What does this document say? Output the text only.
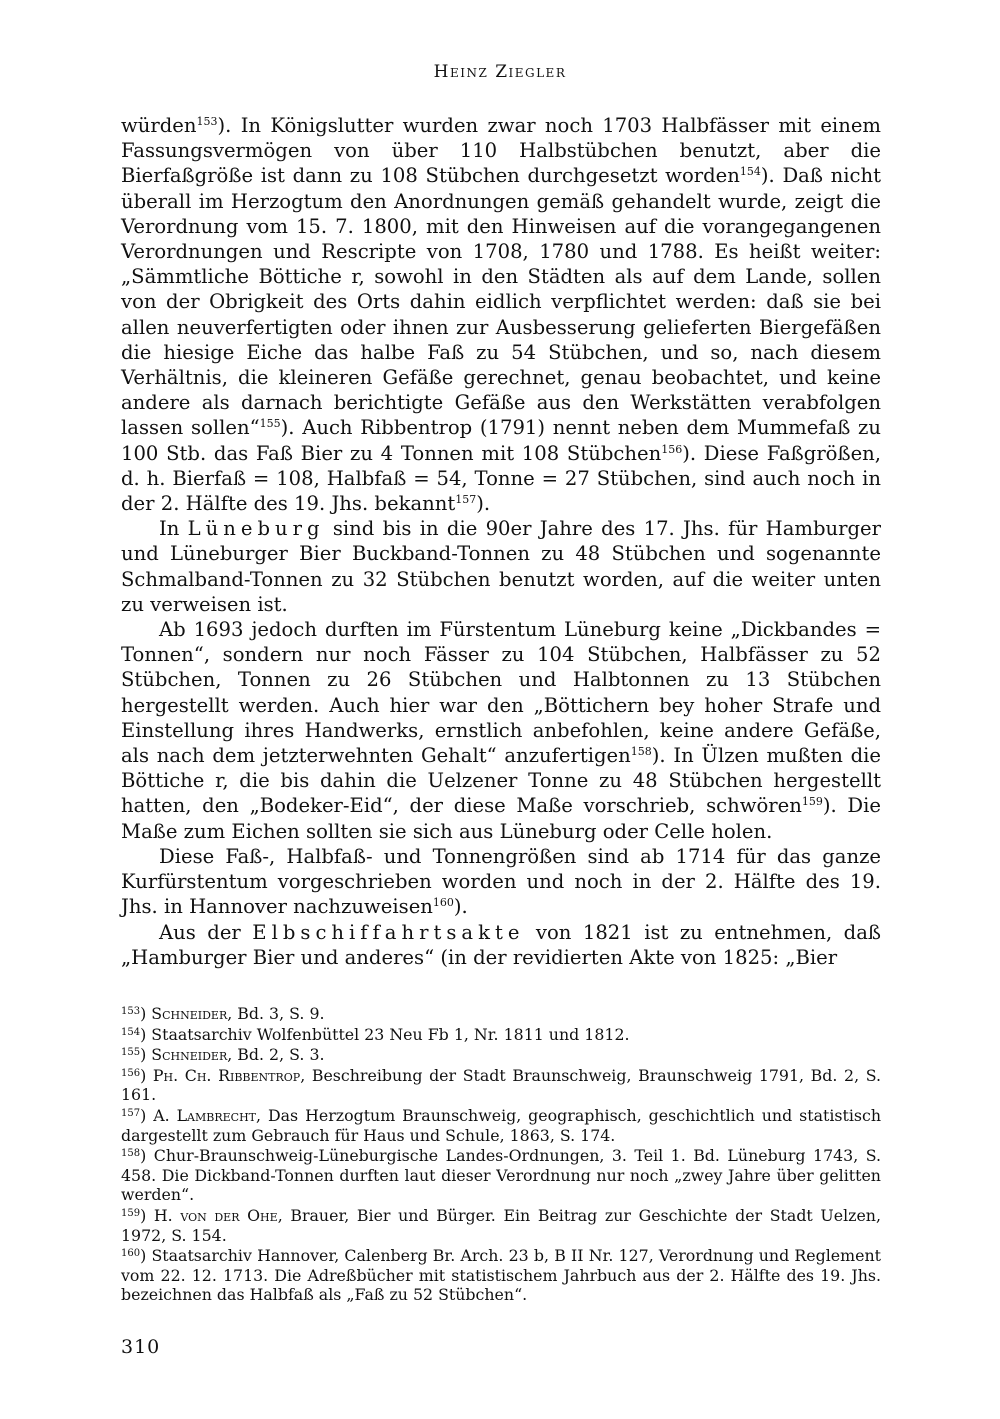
Heinz Ziegler

würden$^{153}$). In Königslutter wurden zwar noch 1703 Halbfässer mit einem Fassungsvermögen von über 110 Halbstübchen benutzt, aber die Bierfaßgröße ist dann zu 108 Stübchen durchgesetzt worden$^{154}$). Daß nicht überall im Herzogtum den Anordnungen gemäß gehandelt wurde, zeigt die Verordnung vom 15. 7. 1800, mit den Hinweisen auf die vorangegangenen Verordnungen und Rescripte von 1708, 1780 und 1788. Es heißt weiter: „Sämmtliche Böttiche r, sowohl in den Städten als auf dem Lande, sollen von der Obrigkeit des Orts dahin eidlich verpflichtet werden: daß sie bei allen neuverfertigten oder ihnen zur Ausbesserung gelieferten Biergefäßen die hiesige Eiche das halbe Faß zu 54 Stübchen, und so, nach diesem Verhältnis, die kleineren Gefäße gerechnet, genau beobachtet, und keine andere als darnach berichtigte Gefäße aus den Werkstätten verabfolgen lassen sollen“$^{155}$). Auch Ribbentrop (1791) nennt neben dem Mummefaß zu 100 Stb. das Faß Bier zu 4 Tonnen mit 108 Stübchen$^{156}$). Diese Faßgrößen, d. h. Bierfaß = 108, Halbfaß = 54, Tonne = 27 Stübchen, sind auch noch in der 2. Hälfte des 19. Jhs. bekannt$^{157}$).

In Lüneburg sind bis in die 90er Jahre des 17. Jhs. für Hamburger und Lüneburger Bier Buckband-Tonnen zu 48 Stübchen und sogenannte Schmalband-Tonnen zu 32 Stübchen benutzt worden, auf die weiter unten zu verweisen ist.

Ab 1693 jedoch durften im Fürstentum Lüneburg keine „Dickbandes = Tonnen“, sondern nur noch Fässer zu 104 Stübchen, Halbfässer zu 52 Stübchen, Tonnen zu 26 Stübchen und Halbtonnen zu 13 Stübchen hergestellt werden. Auch hier war den „Böttichern bey hoher Strafe und Einstellung ihres Handwerks, ernstlich anbefohlen, keine andere Gefäße, als nach dem jetzterwehnten Gehalt“ anzufertigen$^{158}$). In Ülzen mußten die Böttiche r, die bis dahin die Uelzener Tonne zu 48 Stübchen hergestellt hatten, den „Bodeker-Eid“, der diese Maße vorschrieb, schwören$^{159}$). Die Maße zum Eichen sollten sie sich aus Lüneburg oder Celle holen.

Diese Faß-, Halbfaß- und Tonnengrößen sind ab 1714 für das ganze Kurfürstentum vorgeschrieben worden und noch in der 2. Hälfte des 19. Jhs. in Hannover nachzuweisen$^{160}$).

Aus der Elbschiffahrtsakte von 1821 ist zu entnehmen, daß „Hamburger Bier und anderes“ (in der revidierten Akte von 1825: „Bier

$^{153}$) Schneider, Bd. 3, S. 9.
$^{154}$) Staatsarchiv Wolfenbüttel 23 Neu Fb 1, Nr. 1811 und 1812.
$^{155}$) Schneider, Bd. 2, S. 3.
$^{156}$) Ph. Ch. Ribbentrop, Beschreibung der Stadt Braunschweig, Braunschweig 1791, Bd. 2, S. 161.
$^{157}$) A. Lambrecht, Das Herzogtum Braunschweig, geographisch, geschichtlich und statistisch dargestellt zum Gebrauch für Haus und Schule, 1863, S. 174.
$^{158}$) Chur-Braunschweig-Lüneburgische Landes-Ordnungen, 3. Teil 1. Bd. Lüneburg 1743, S. 458. Die Dickband-Tonnen durften laut dieser Verordnung nur noch „zwey Jahre über gelitten werden“.
$^{159}$) H. von der Ohe, Brauer, Bier und Bürger. Ein Beitrag zur Geschichte der Stadt Uelzen, 1972, S. 154.
$^{160}$) Staatsarchiv Hannover, Calenberg Br. Arch. 23 b, B II Nr. 127, Verordnung und Reglement vom 22. 12. 1713. Die Adreßbücher mit statistischem Jahrbuch aus der 2. Hälfte des 19. Jhs. bezeichnen das Halbfaß als „Faß zu 52 Stübchen“.
310
